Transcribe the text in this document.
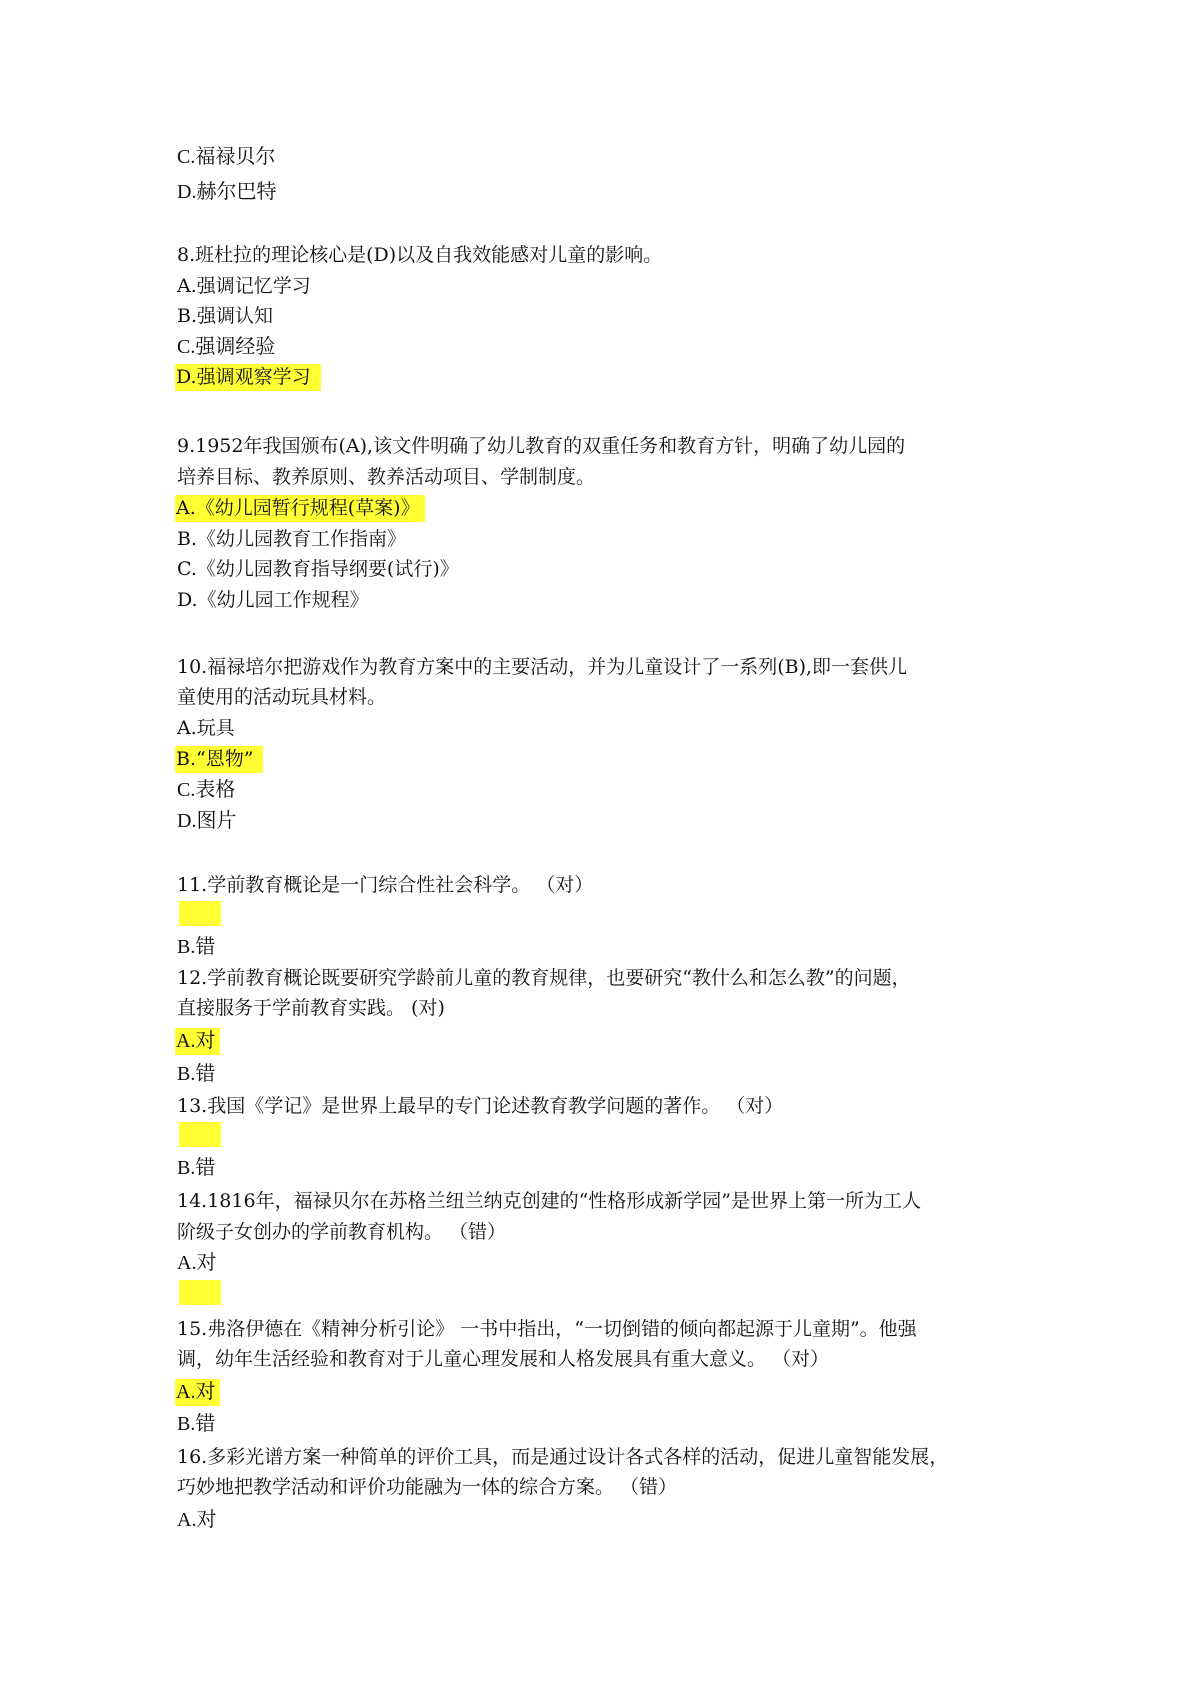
C.福禄贝尔
D.赫尔巴特
8.班杜拉的理论核心是(D)以及自我效能感对儿童的影响。
A.强调记忆学习
B.强调认知
C.强调经验
D.强调观察学习
9.1952年我国颁布(A),该文件明确了幼儿教育的双重任务和教育方针，明确了幼儿园的
培养目标、教养原则、教养活动项目、学制制度。
A.《幼儿园暂行规程(草案)》
B.《幼儿园教育工作指南》
C.《幼儿园教育指导纲要(试行)》
D.《幼儿园工作规程》
10.福禄培尔把游戏作为教育方案中的主要活动，并为儿童设计了一系列(B),即一套供儿
童使用的活动玩具材料。
A.玩具
B.“恩物”
C.表格
D.图片
11.学前教育概论是一门综合性社会科学。 （对）
B.错
12.学前教育概论既要研究学龄前儿童的教育规律，也要研究“教什么和怎么教”的问题，
直接服务于学前教育实践。 (对)
A.对
B.错
13.我国《学记》是世界上最早的专门论述教育教学问题的著作。 （对）
B.错
14.1816年，福禄贝尔在苏格兰纽兰纳克创建的“性格形成新学园”是世界上第一所为工人
阶级子女创办的学前教育机构。 （错）
A.对
15.弗洛伊德在《精神分析引论》 一书中指出，“一切倒错的倾向都起源于儿童期”。他强
调，幼年生活经验和教育对于儿童心理发展和人格发展具有重大意义。 （对）
A.对
B.错
16.多彩光谱方案一种简单的评价工具，而是通过设计各式各样的活动，促进儿童智能发展，
巧妙地把教学活动和评价功能融为一体的综合方案。 （错）
A.对
